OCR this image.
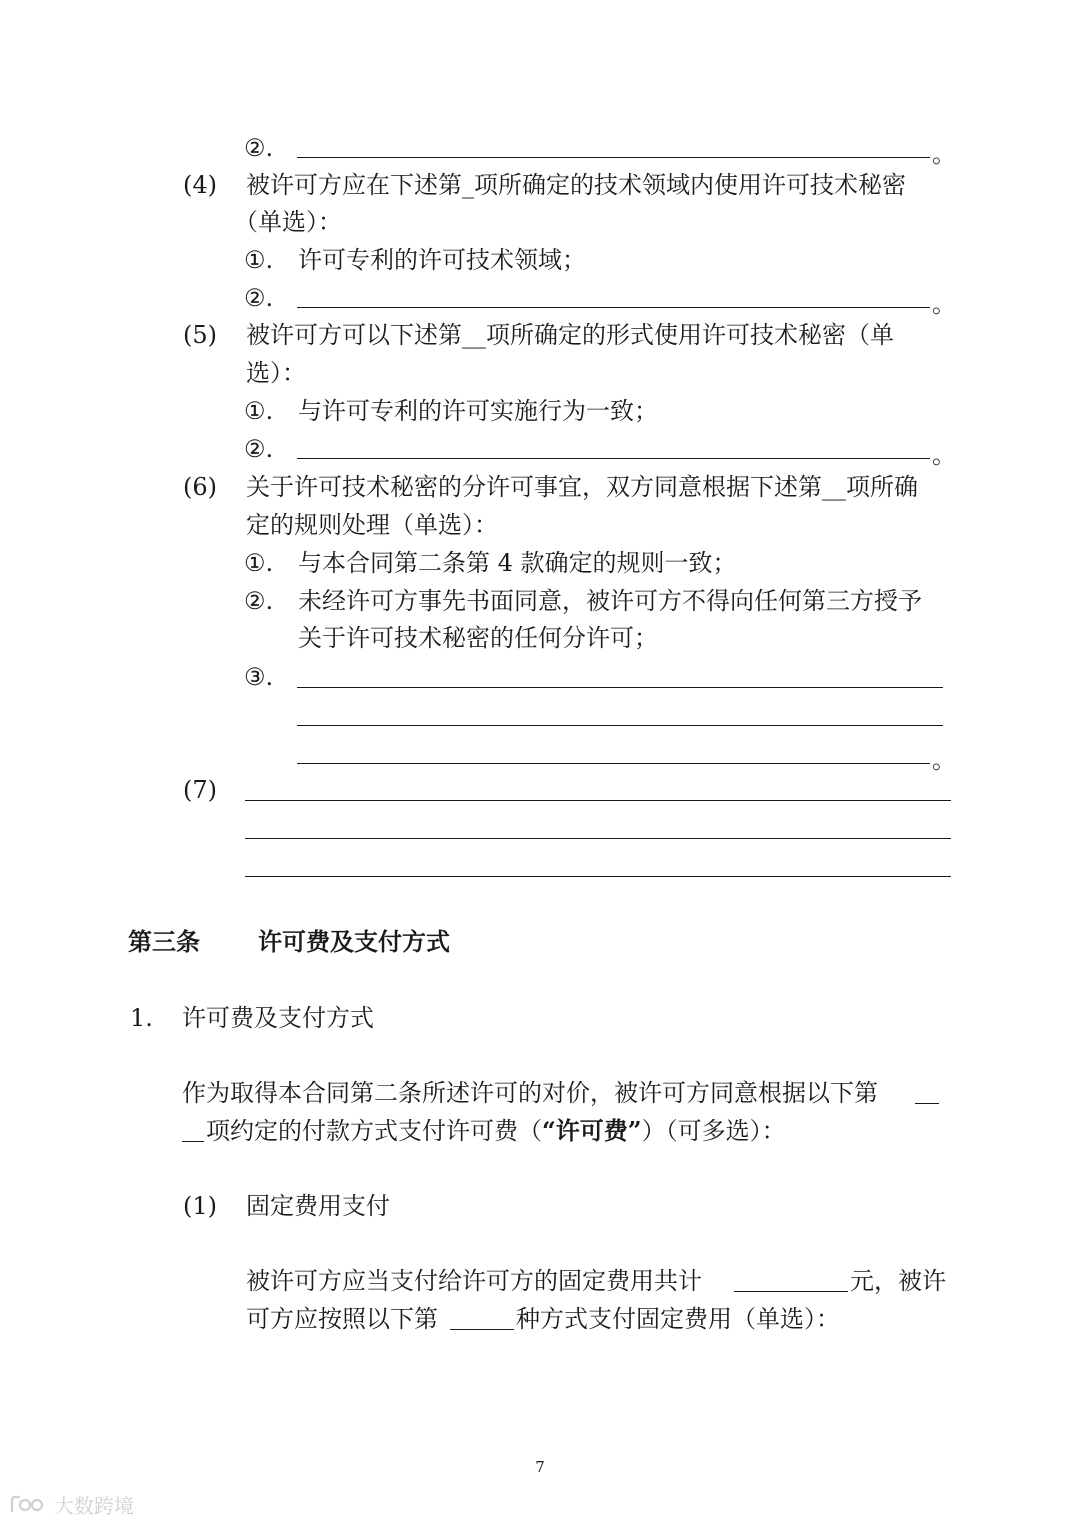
②.	。
(4) 被许可方应在下述第_项所确定的技术领域内使用许可技术秘密
（单选）：
①. 许可专利的许可技术领域；
②.	。
(5) 被许可方可以下述第__项所确定的形式使用许可技术秘密（单
选）：
①. 与许可专利的许可实施行为一致；
②.	。
(6) 关于许可技术秘密的分许可事宜，双方同意根据下述第__项所确
定的规则处理（单选）：
①. 与本合同第二条第 4 款确定的规则一致；
②. 未经许可方事先书面同意，被许可方不得向任何第三方授予
关于许可技术秘密的任何分许可；
③.
。
(7)
第三条 许可费及支付方式
1. 许可费及支付方式
作为取得本合同第二条所述许可的对价，被许可方同意根据以下第
项约定的付款方式支付许可费（“许可费”）（可多选）：
(1) 固定费用支付
被许可方应当支付给许可方的固定费用共计	元，被许
可方应按照以下第	种方式支付固定费用（单选）：
7
大数跨境
